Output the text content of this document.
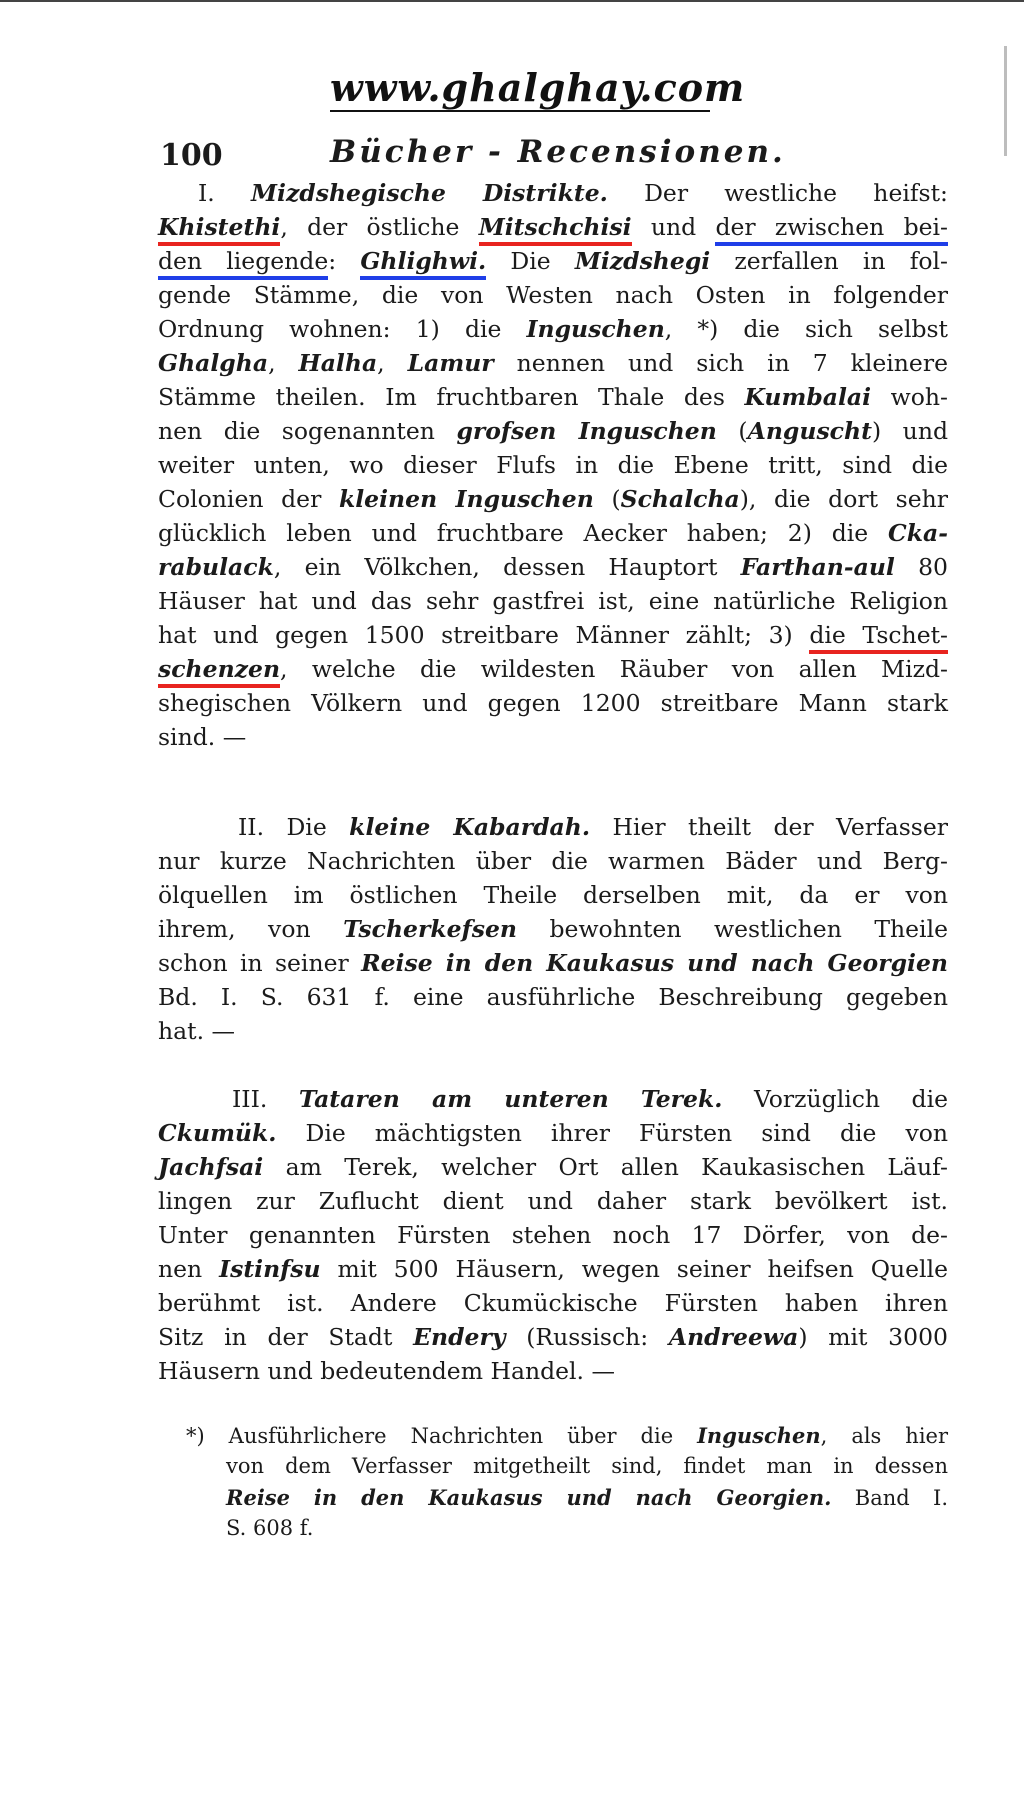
www.ghalghay.com
100	Bücher - Recensionen.
I. Mizdshegische Distrikte. Der westliche heifst:
Khistethi, der östliche Mitschchisi und der zwischen bei-
den liegende: Ghlighwi. Die Mizdshegi zerfallen in fol-
gende Stämme, die von Westen nach Osten in folgender
Ordnung wohnen: 1) die Inguschen, *) die sich selbst
Ghalgha, Halha, Lamur nennen und sich in 7 kleinere
Stämme theilen. Im fruchtbaren Thale des Kumbalai woh-
nen die sogenannten grofsen Inguschen (Anguscht) und
weiter unten, wo dieser Flufs in die Ebene tritt, sind die
Colonien der kleinen Inguschen (Schalcha), die dort sehr
glücklich leben und fruchtbare Aecker haben; 2) die Cka-
rabulack, ein Völkchen, dessen Hauptort Farthan-aul 80
Häuser hat und das sehr gastfrei ist, eine natürliche Religion
hat und gegen 1500 streitbare Männer zählt; 3) die Tschet-
schenzen, welche die wildesten Räuber von allen Mizd-
shegischen Völkern und gegen 1200 streitbare Mann stark
sind. —
II. Die kleine Kabardah. Hier theilt der Verfasser
nur kurze Nachrichten über die warmen Bäder und Berg-
ölquellen im östlichen Theile derselben mit, da er von
ihrem, von Tscherkefsen bewohnten westlichen Theile
schon in seiner Reise in den Kaukasus und nach Georgien
Bd. I. S. 631 f. eine ausführliche Beschreibung gegeben
hat. —
III. Tataren am unteren Terek. Vorzüglich die
Ckumük. Die mächtigsten ihrer Fürsten sind die von
Jachfsai am Terek, welcher Ort allen Kaukasischen Läuf-
lingen zur Zuflucht dient und daher stark bevölkert ist.
Unter genannten Fürsten stehen noch 17 Dörfer, von de-
nen Istinfsu mit 500 Häusern, wegen seiner heifsen Quelle
berühmt ist. Andere Ckumückische Fürsten haben ihren
Sitz in der Stadt Endery (Russisch: Andreewa) mit 3000
Häusern und bedeutendem Handel. —
*) Ausführlichere Nachrichten über die Inguschen, als hier
von dem Verfasser mitgetheilt sind, findet man in dessen
Reise in den Kaukasus und nach Georgien. Band I.
S. 608 f.
